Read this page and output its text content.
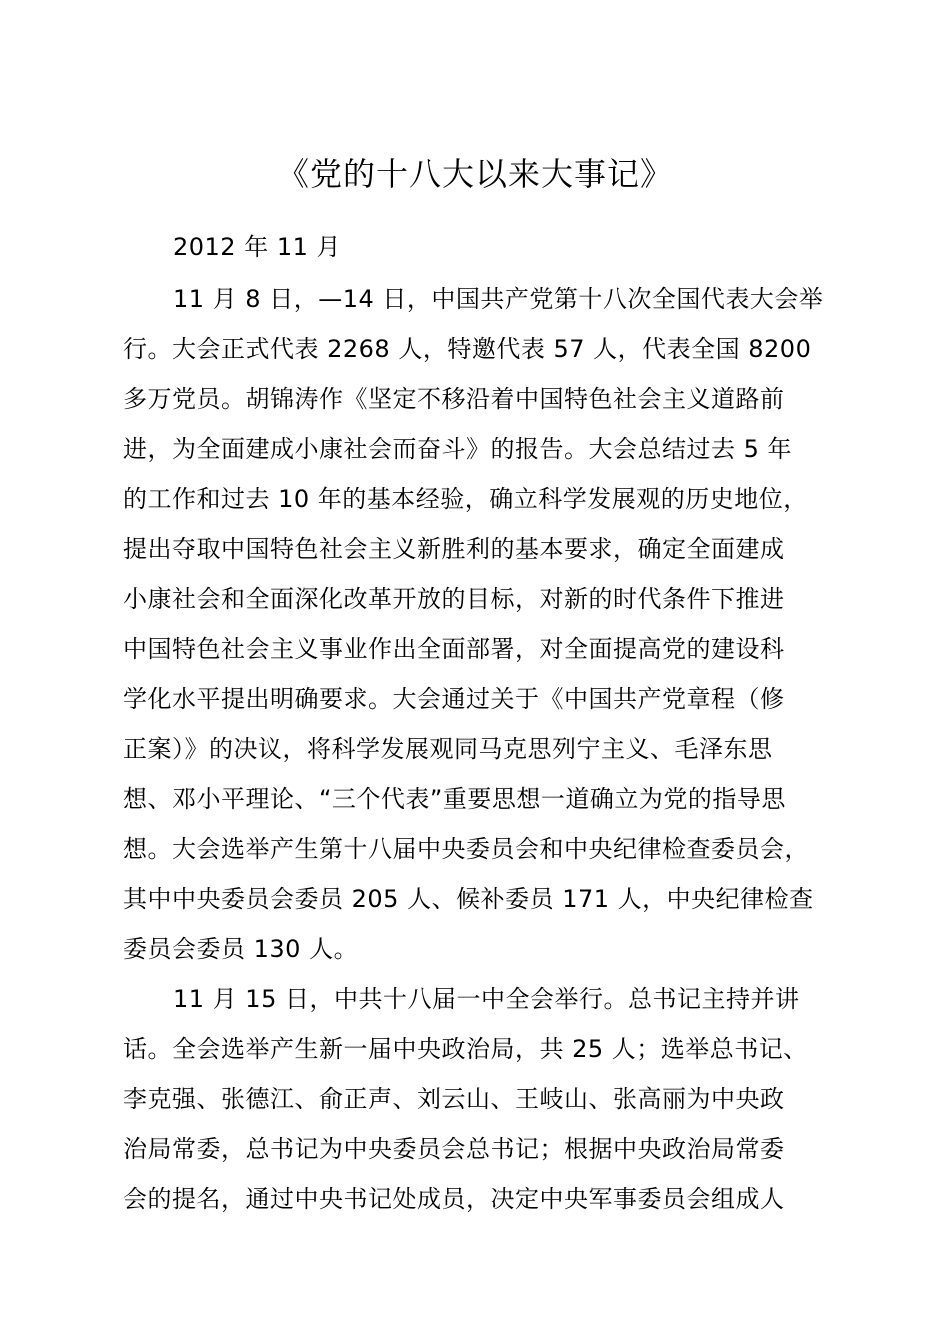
《党的十八大以来大事记》
2012 年 11 月
11 月 8 日，—14 日，中国共产党第十八次全国代表大会举
行。大会正式代表 2268 人，特邀代表 57 人，代表全国 8200
多万党员。胡锦涛作《坚定不移沿着中国特色社会主义道路前
进，为全面建成小康社会而奋斗》的报告。大会总结过去 5 年
的工作和过去 10 年的基本经验，确立科学发展观的历史地位，
提出夺取中国特色社会主义新胜利的基本要求，确定全面建成
小康社会和全面深化改革开放的目标，对新的时代条件下推进
中国特色社会主义事业作出全面部署，对全面提高党的建设科
学化水平提出明确要求。大会通过关于《中国共产党章程（修
正案）》的决议，将科学发展观同马克思列宁主义、毛泽东思
想、邓小平理论、“三个代表”重要思想一道确立为党的指导思
想。大会选举产生第十八届中央委员会和中央纪律检查委员会，
其中中央委员会委员 205 人、候补委员 171 人，中央纪律检查
委员会委员 130 人。
11 月 15 日，中共十八届一中全会举行。总书记主持并讲
话。全会选举产生新一届中央政治局，共 25 人；选举总书记、
李克强、张德江、俞正声、刘云山、王岐山、张高丽为中央政
治局常委，总书记为中央委员会总书记；根据中央政治局常委
会的提名，通过中央书记处成员，决定中央军事委员会组成人
